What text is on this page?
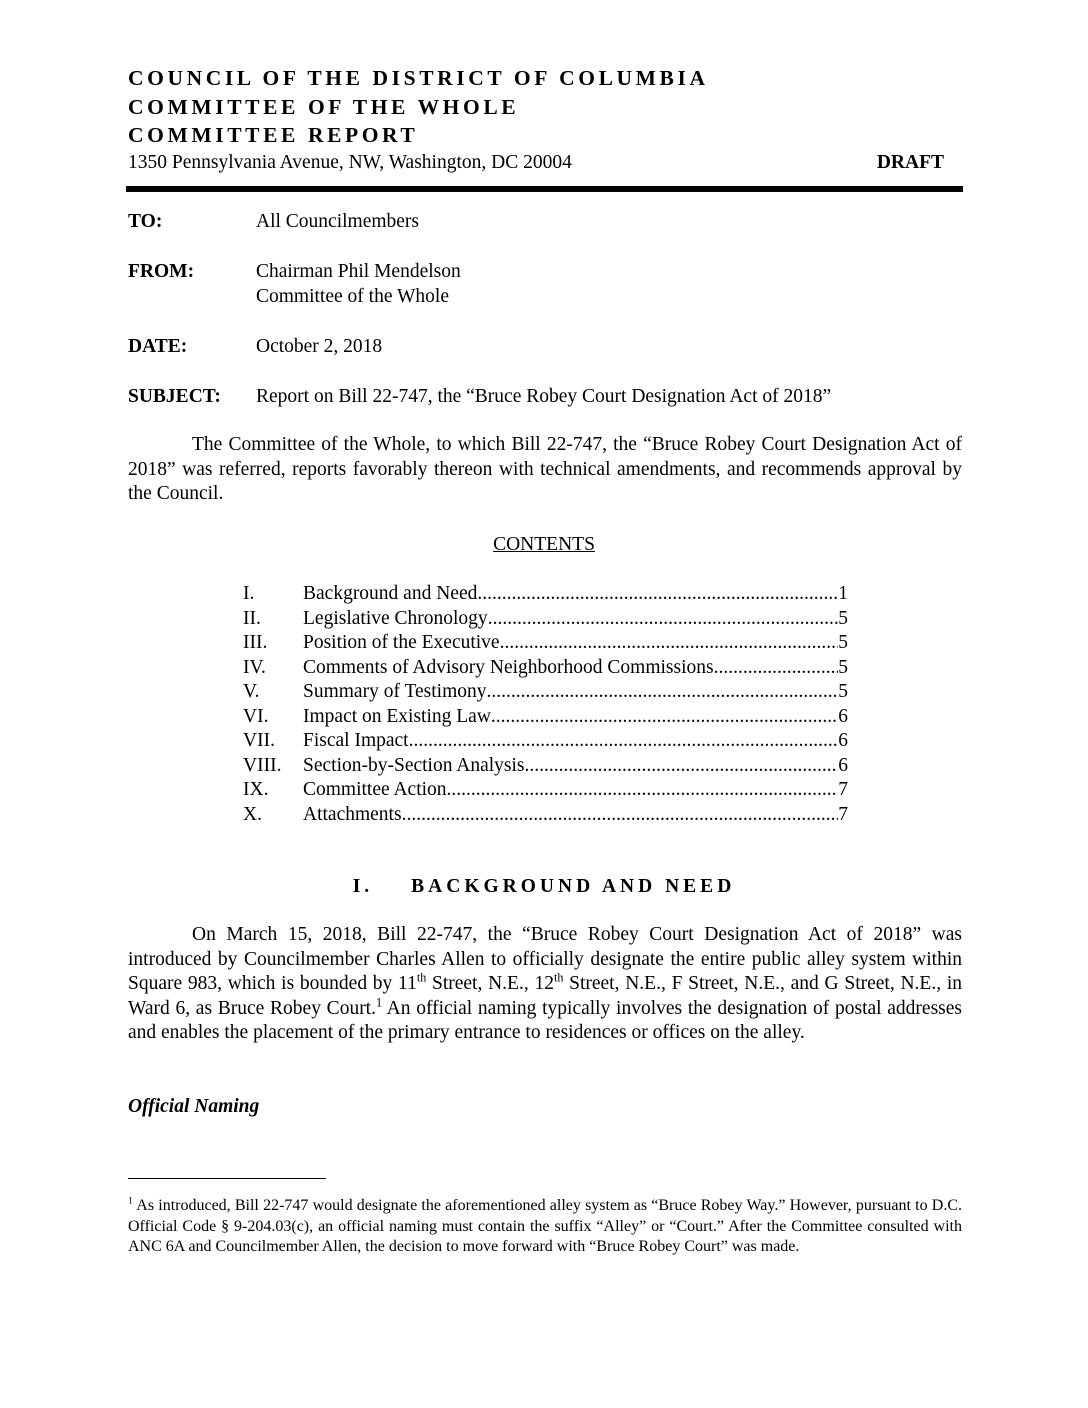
COUNCIL OF THE DISTRICT OF COLUMBIA
COMMITTEE OF THE WHOLE
COMMITTEE REPORT
1350 Pennsylvania Avenue, NW, Washington, DC 20004	DRAFT
TO:	All Councilmembers
FROM:	Chairman Phil Mendelson
Committee of the Whole
DATE:	October 2, 2018
SUBJECT: Report on Bill 22-747, the “Bruce Robey Court Designation Act of 2018”

The Committee of the Whole, to which Bill 22-747, the “Bruce Robey Court Designation Act of 2018” was referred, reports favorably thereon with technical amendments, and recommends approval by the Council.

CONTENTS
I. Background and Need .....	1
II. Legislative Chronology .....	5
III. Position of the Executive .....	5
IV. Comments of Advisory Neighborhood Commissions .....	5
V. Summary of Testimony .....	5
VI. Impact on Existing Law .....	6
VII. Fiscal Impact .....	6
VIII. Section-by-Section Analysis .....	6
IX. Committee Action .....	7
X. Attachments .....	7
I. BACKGROUND AND NEED

On March 15, 2018, Bill 22-747, the “Bruce Robey Court Designation Act of 2018” was introduced by Councilmember Charles Allen to officially designate the entire public alley system within Square 983, which is bounded by 11th Street, N.E., 12th Street, N.E., F Street, N.E., and G Street, N.E., in Ward 6, as Bruce Robey Court.$^1$ An official naming typically involves the designation of postal addresses and enables the placement of the primary entrance to residences or offices on the alley.

Official Naming

$^1$ As introduced, Bill 22-747 would designate the aforementioned alley system as “Bruce Robey Way.” However, pursuant to D.C. Official Code § 9-204.03(c), an official naming must contain the suffix “Alley” or “Court.” After the Committee consulted with ANC 6A and Councilmember Allen, the decision to move forward with “Bruce Robey Court” was made.
